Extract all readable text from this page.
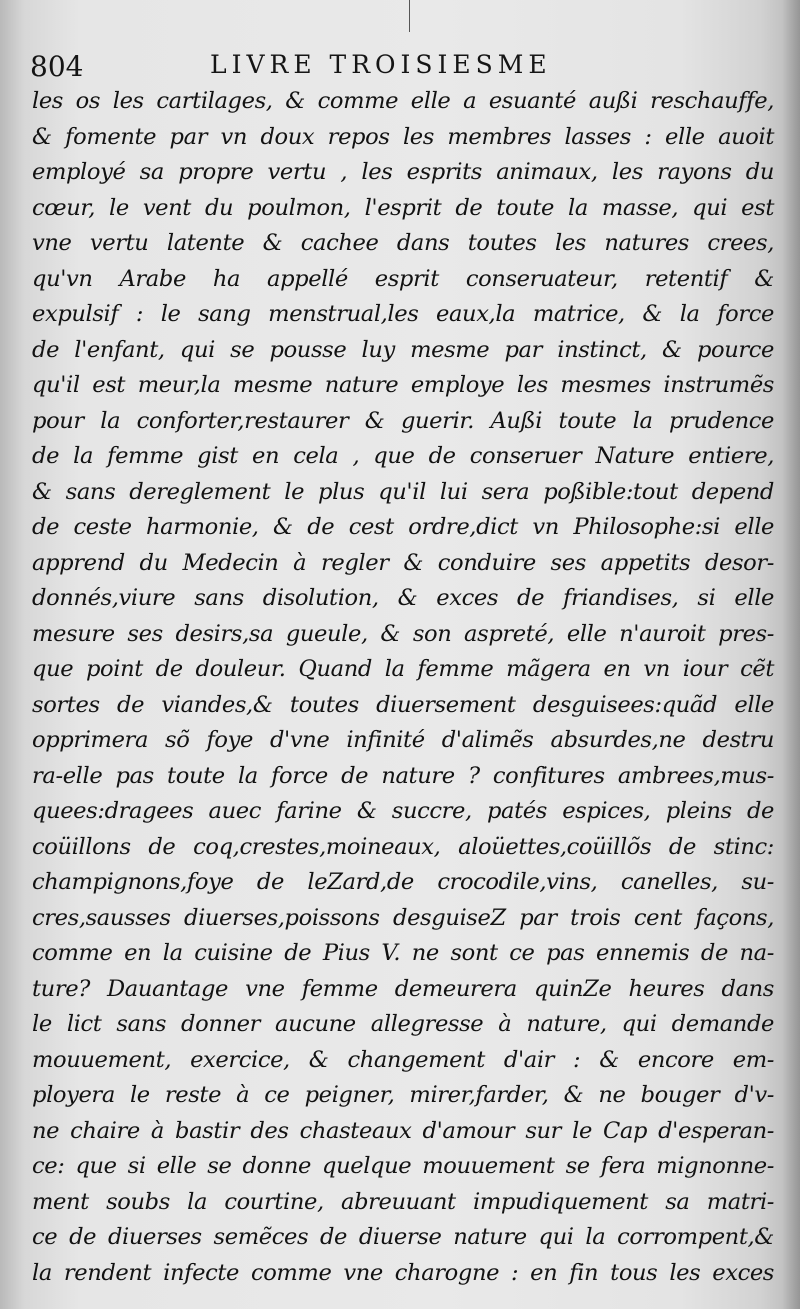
804	LIVRE TROISIESME
les os les cartilages, & comme elle a esuanté außi reschauffe,
& fomente par vn doux repos les membres lasses : elle auoit
employé sa propre vertu , les esprits animaux, les rayons du
cœur, le vent du poulmon, l'esprit de toute la masse, qui est
vne vertu latente & cachee dans toutes les natures crees,
qu'vn Arabe ha appellé esprit conseruateur, retentif &
expulsif : le sang menstrual,les eaux,la matrice, & la force
de l'enfant, qui se pousse luy mesme par instinct, & pource
qu'il est meur,la mesme nature employe les mesmes instrumẽs
pour la conforter,restaurer & guerir. Außi toute la prudence
de la femme gist en cela , que de conseruer Nature entiere,
& sans dereglement le plus qu'il lui sera poßible:tout depend
de ceste harmonie, & de cest ordre,dict vn Philosophe:si elle
apprend du Medecin à regler & conduire ses appetits desor-
donnés,viure sans disolution, & exces de friandises, si elle
mesure ses desirs,sa gueule, & son aspreté, elle n'auroit pres-
que point de douleur. Quand la femme mãgera en vn iour cẽt
sortes de viandes,& toutes diuersement desguisees:quãd elle
opprimera sõ foye d'vne infinité d'alimẽs absurdes,ne destru
ra-elle pas toute la force de nature ? confitures ambrees,mus-
quees:dragees auec farine & succre, patés espices, pleins de
coüillons de coq,crestes,moineaux, aloüettes,coüillõs de stinc:
champignons,foye de leZard,de crocodile,vins, canelles, su-
cres,sausses diuerses,poissons desguiseZ par trois cent façons,
comme en la cuisine de Pius V. ne sont ce pas ennemis de na-
ture? Dauantage vne femme demeurera quinZe heures dans
le lict sans donner aucune allegresse à nature, qui demande
mouuement, exercice, & changement d'air : & encore em-
ployera le reste à ce peigner, mirer,farder, & ne bouger d'v-
ne chaire à bastir des chasteaux d'amour sur le Cap d'esperan-
ce: que si elle se donne quelque mouuement se fera mignonne-
ment soubs la courtine, abreuuant impudiquement sa matri-
ce de diuerses semẽces de diuerse nature qui la corrompent,&
la rendent infecte comme vne charogne : en fin tous les exces
